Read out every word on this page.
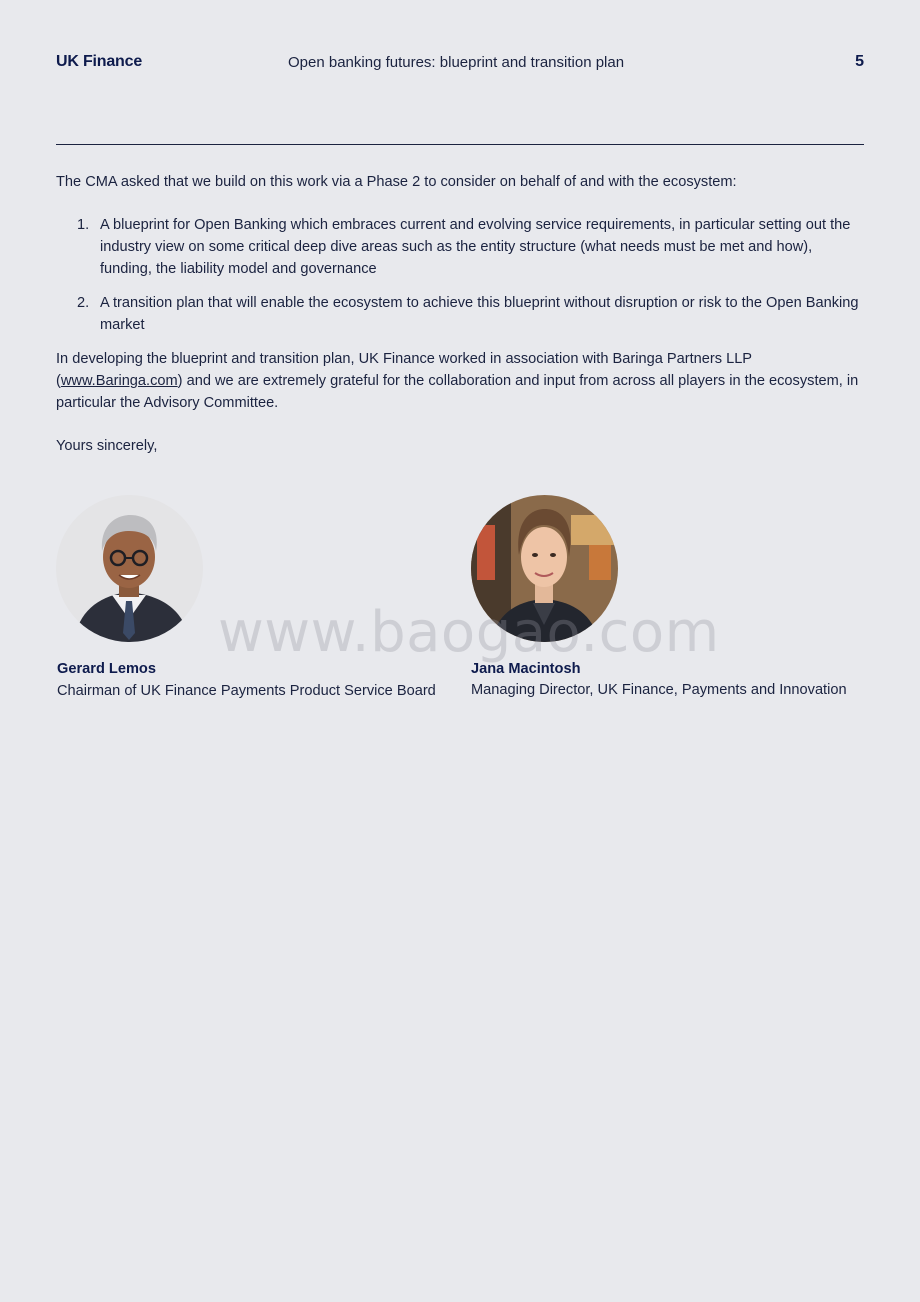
UK Finance	Open banking futures: blueprint and transition plan	5
The CMA asked that we build on this work via a Phase 2 to consider on behalf of and with the ecosystem:
1. A blueprint for Open Banking which embraces current and evolving service requirements, in particular setting out the industry view on some critical deep dive areas such as the entity structure (what needs must be met and how), funding, the liability model and governance
2. A transition plan that will enable the ecosystem to achieve this blueprint without disruption or risk to the Open Banking market
In developing the blueprint and transition plan, UK Finance worked in association with Baringa Partners LLP (www.Baringa.com) and we are extremely grateful for the collaboration and input from across all players in the ecosystem, in particular the Advisory Committee.
Yours sincerely,
Gerard Lemos
Chairman of UK Finance Payments Product Service Board
Jana Macintosh
Managing Director, UK Finance, Payments and Innovation
www.baogao.com
